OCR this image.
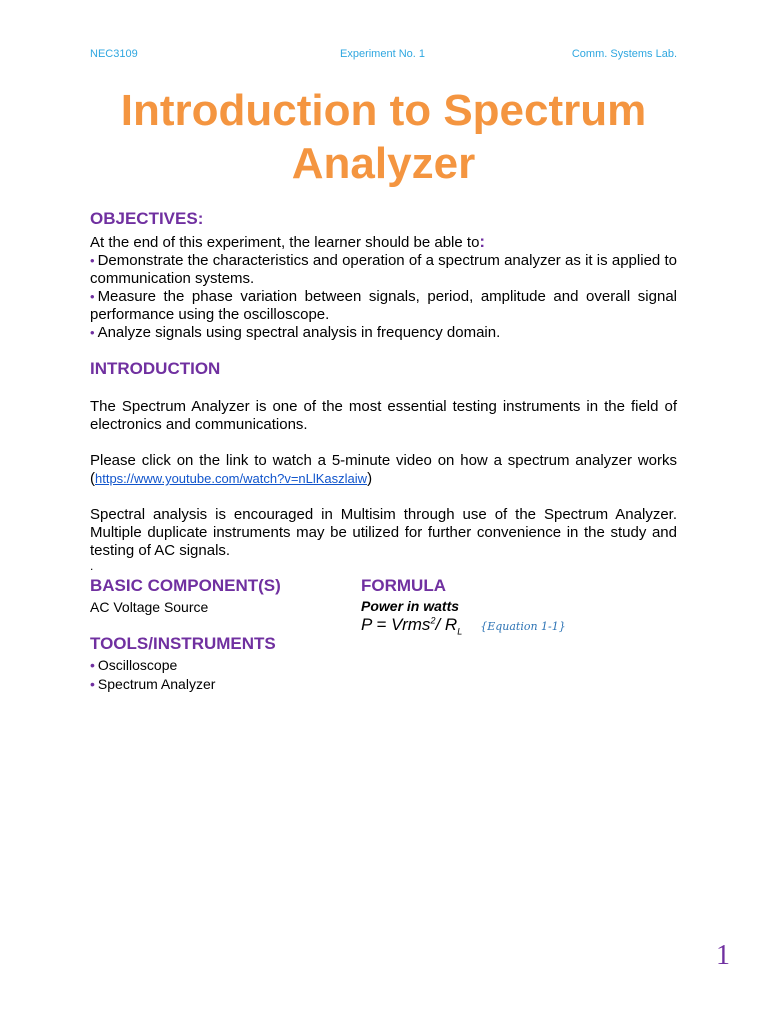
NEC3109	Experiment No. 1	Comm. Systems Lab.
Introduction to Spectrum
Analyzer
OBJECTIVES:
At the end of this experiment, the learner should be able to:
• Demonstrate the characteristics and operation of a spectrum analyzer as it is applied to communication systems.
• Measure the phase variation between signals, period, amplitude and overall signal performance using the oscilloscope.
• Analyze signals using spectral analysis in frequency domain.
INTRODUCTION

The Spectrum Analyzer is one of the most essential testing instruments in the field of electronics and communications.

Please click on the link to watch a 5-minute video on how a spectrum analyzer works (https://www.youtube.com/watch?v=nLlKaszlaiw)

Spectral analysis is encouraged in Multisim through use of the Spectrum Analyzer. Multiple duplicate instruments may be utilized for further convenience in the study and testing of AC signals.

.

BASIC COMPONENT(S)
AC Voltage Source
FORMULA
Power in watts
P = Vrms$^2$/ $R_L$ {Equation 1-1}
TOOLS/INSTRUMENTS
• Oscilloscope
• Spectrum Analyzer
1
